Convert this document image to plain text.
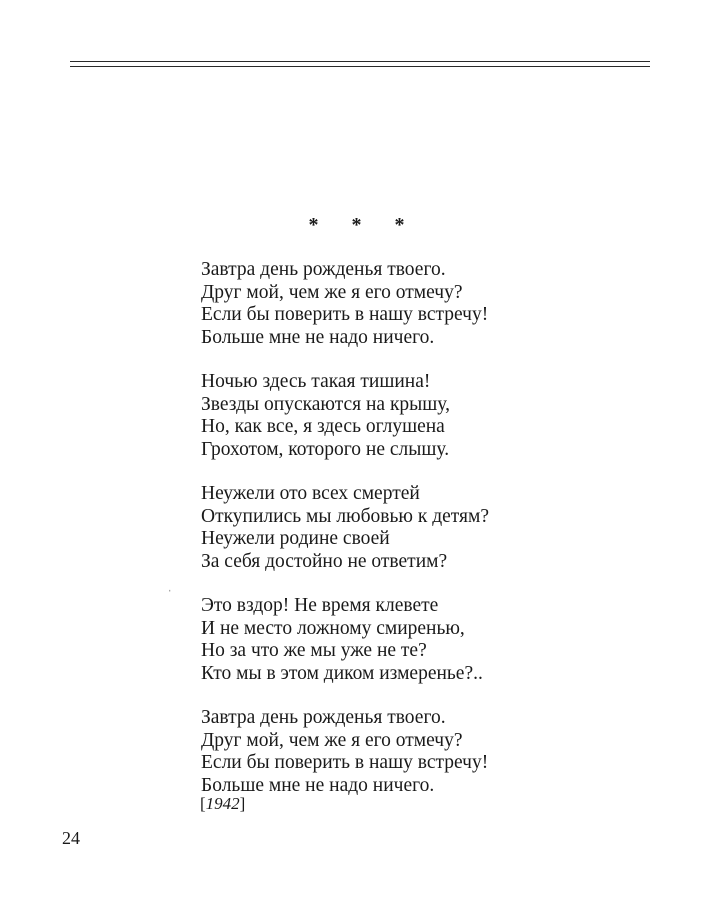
* * *
ˈ
Завтра день рожденья твоего.
Друг мой, чем же я его отмечу?
Если бы поверить в нашу встречу!
Больше мне не надо ничего.
Ночью здесь такая тишина!
Звезды опускаются на крышу,
Но, как все, я здесь оглушена
Грохотом, которого не слышу.
Неужели ото всех смертей
Откупились мы любовью к детям?
Неужели родине своей
За себя достойно не ответим?
Это вздор! Не время клевете
И не место ложному смиренью,
Но за что же мы уже не те?
Кто мы в этом диком измеренье?..
Завтра день рожденья твоего.
Друг мой, чем же я его отмечу?
Если бы поверить в нашу встречу!
Больше мне не надо ничего.
[1942]
24
